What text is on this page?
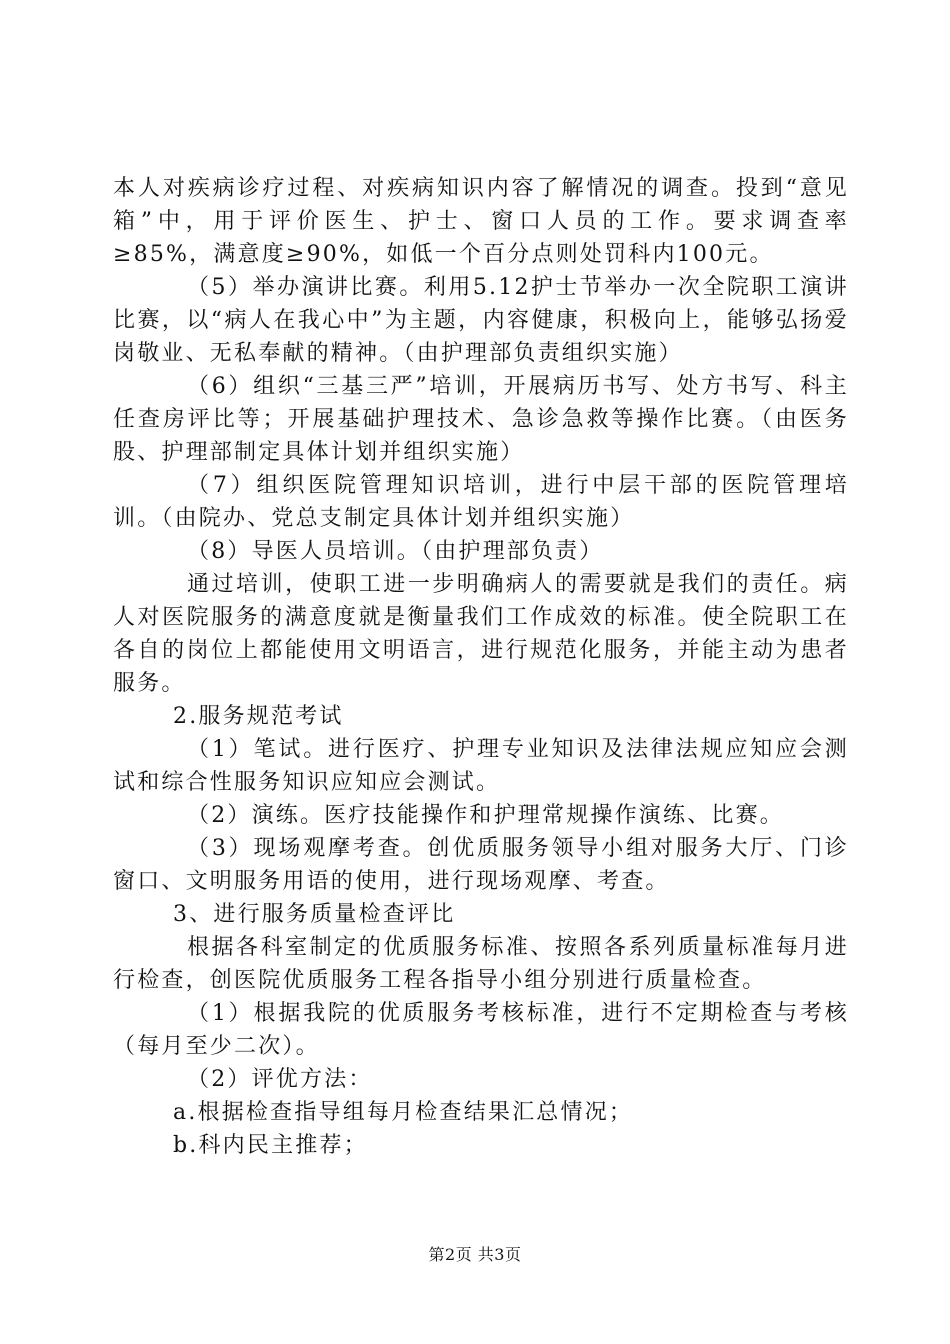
本人对疾病诊疗过程、对疾病知识内容了解情况的调查。投到“意见箱”中，用于评价医生、护士、窗口人员的工作。要求调查率≥85%，满意度≥90%，如低一个百分点则处罚科内100元。

（5）举办演讲比赛。利用5.12护士节举办一次全院职工演讲比赛，以“病人在我心中”为主题，内容健康，积极向上，能够弘扬爱岗敬业、无私奉献的精神。（由护理部负责组织实施）

（6）组织“三基三严”培训，开展病历书写、处方书写、科主任查房评比等；开展基础护理技术、急诊急救等操作比赛。（由医务股、护理部制定具体计划并组织实施）

（7）组织医院管理知识培训，进行中层干部的医院管理培训。（由院办、党总支制定具体计划并组织实施）

（8）导医人员培训。（由护理部负责）

通过培训，使职工进一步明确病人的需要就是我们的责任。病人对医院服务的满意度就是衡量我们工作成效的标准。使全院职工在各自的岗位上都能使用文明语言，进行规范化服务，并能主动为患者服务。

2.服务规范考试

（1）笔试。进行医疗、护理专业知识及法律法规应知应会测试和综合性服务知识应知应会测试。

（2）演练。医疗技能操作和护理常规操作演练、比赛。

（3）现场观摩考查。创优质服务领导小组对服务大厅、门诊窗口、文明服务用语的使用，进行现场观摩、考查。

3、进行服务质量检查评比

根据各科室制定的优质服务标准、按照各系列质量标准每月进行检查，创医院优质服务工程各指导小组分别进行质量检查。

（1）根据我院的优质服务考核标准，进行不定期检查与考核（每月至少二次）。

（2）评优方法：

a.根据检查指导组每月检查结果汇总情况；

b.科内民主推荐；

第2页 共3页
